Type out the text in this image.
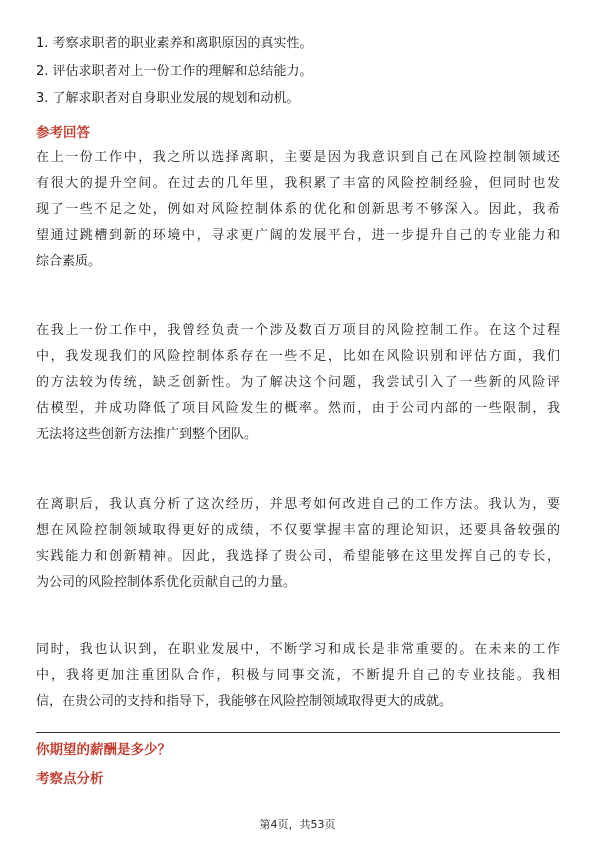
1. 考察求职者的职业素养和离职原因的真实性。
2. 评估求职者对上一份工作的理解和总结能力。
3. 了解求职者对自身职业发展的规划和动机。
参考回答
在上一份工作中，我之所以选择离职，主要是因为我意识到自己在风险控制领域还
有很大的提升空间。在过去的几年里，我积累了丰富的风险控制经验，但同时也发
现了一些不足之处，例如对风险控制体系的优化和创新思考不够深入。因此，我希
望通过跳槽到新的环境中，寻求更广阔的发展平台，进一步提升自己的专业能力和
综合素质。
在我上一份工作中，我曾经负责一个涉及数百万项目的风险控制工作。在这个过程
中，我发现我们的风险控制体系存在一些不足，比如在风险识别和评估方面，我们
的方法较为传统，缺乏创新性。为了解决这个问题，我尝试引入了一些新的风险评
估模型，并成功降低了项目风险发生的概率。然而，由于公司内部的一些限制，我
无法将这些创新方法推广到整个团队。
在离职后，我认真分析了这次经历，并思考如何改进自己的工作方法。我认为，要
想在风险控制领域取得更好的成绩，不仅要掌握丰富的理论知识，还要具备较强的
实践能力和创新精神。因此，我选择了贵公司，希望能够在这里发挥自己的专长，
为公司的风险控制体系优化贡献自己的力量。
同时，我也认识到，在职业发展中，不断学习和成长是非常重要的。在未来的工作
中，我将更加注重团队合作，积极与同事交流，不断提升自己的专业技能。我相
信，在贵公司的支持和指导下，我能够在风险控制领域取得更大的成就。
你期望的薪酬是多少？
考察点分析
第4页，共53页
